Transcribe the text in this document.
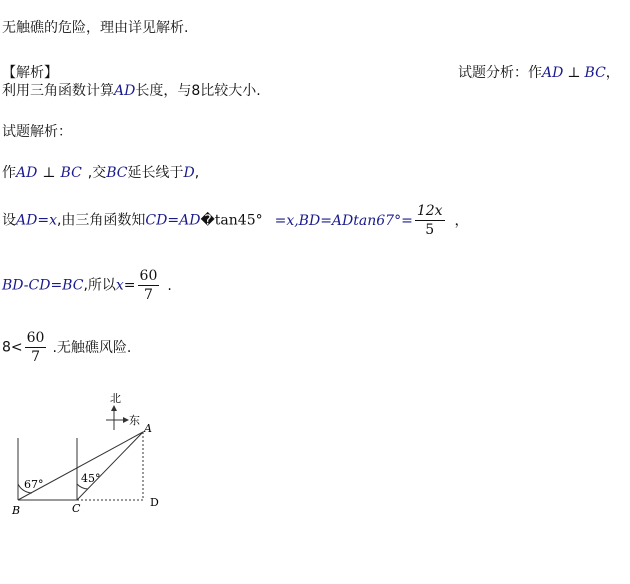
无触礁的危险，理由详见解析.
【解析】	试题分析：作AD ⊥ BC，
利用三角函数计算AD长度，与8比较大小.
试题解析：
作AD ⊥ BC ,交BC延长线于D,
设AD=x,由三角函数知CD=AD�tan45° $=x,BD=ADtan67^\circ= \frac{12x}{5}$ ，
BD-CD=BC,所以$x= \frac{60}{7}$ .
$8< \frac{60}{7}$ .无触礁风险.
北
东
67°	45°
A
B	C	D
